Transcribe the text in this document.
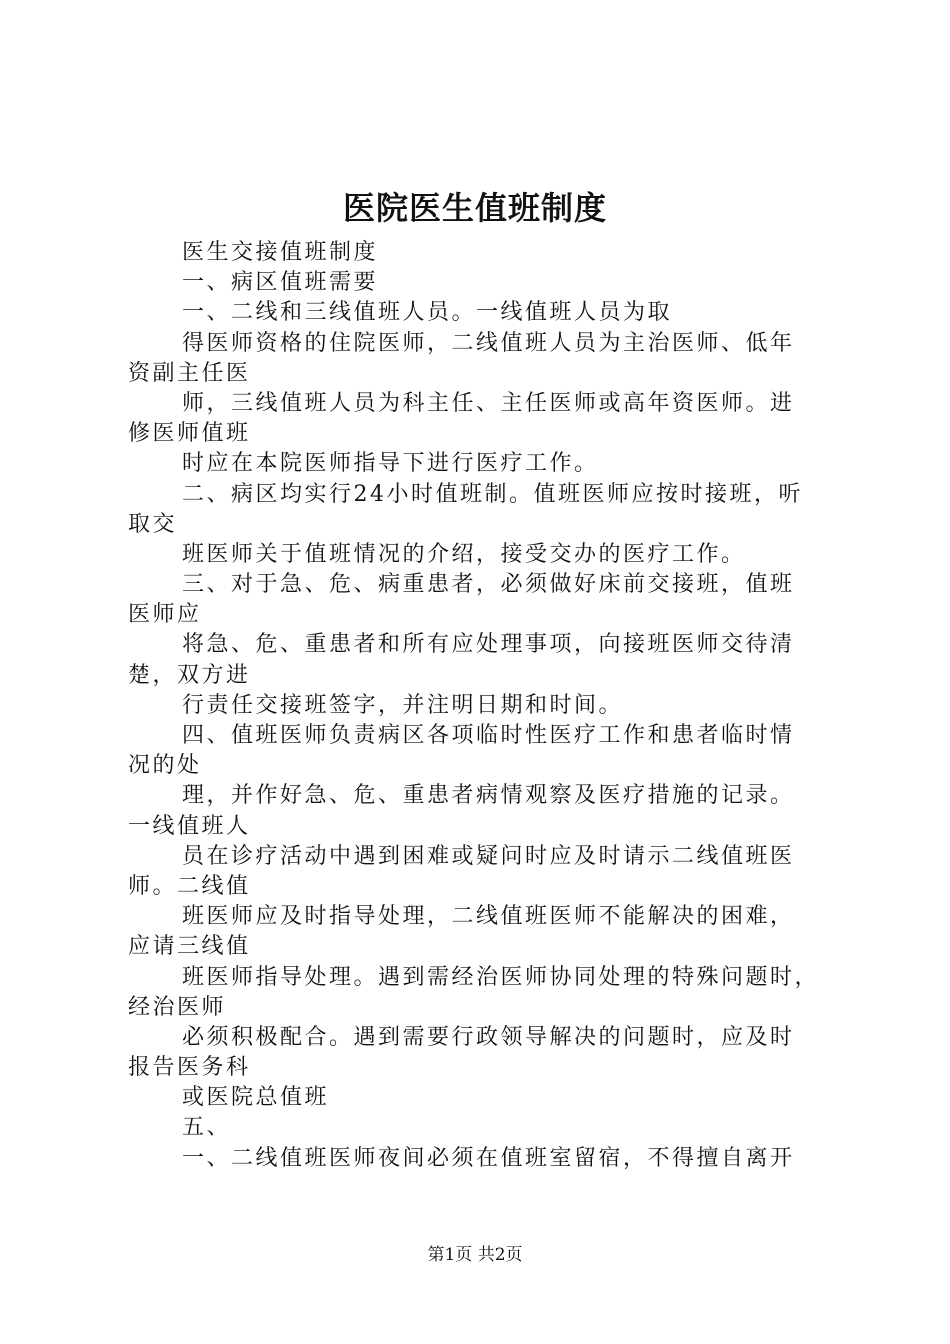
医院医生值班制度
医生交接值班制度
一、病区值班需要
一、二线和三线值班人员。一线值班人员为取
得医师资格的住院医师，二线值班人员为主治医师、低年
资副主任医
师，三线值班人员为科主任、主任医师或高年资医师。进
修医师值班
时应在本院医师指导下进行医疗工作。
二、病区均实行24小时值班制。值班医师应按时接班，听
取交
班医师关于值班情况的介绍，接受交办的医疗工作。
三、对于急、危、病重患者，必须做好床前交接班，值班
医师应
将急、危、重患者和所有应处理事项，向接班医师交待清
楚，双方进
行责任交接班签字，并注明日期和时间。
四、值班医师负责病区各项临时性医疗工作和患者临时情
况的处
理，并作好急、危、重患者病情观察及医疗措施的记录。
一线值班人
员在诊疗活动中遇到困难或疑问时应及时请示二线值班医
师。二线值
班医师应及时指导处理，二线值班医师不能解决的困难，
应请三线值
班医师指导处理。遇到需经治医师协同处理的特殊问题时，
经治医师
必须积极配合。遇到需要行政领导解决的问题时，应及时
报告医务科
或医院总值班
五、
一、二线值班医师夜间必须在值班室留宿，不得擅自离开
第1页 共2页
